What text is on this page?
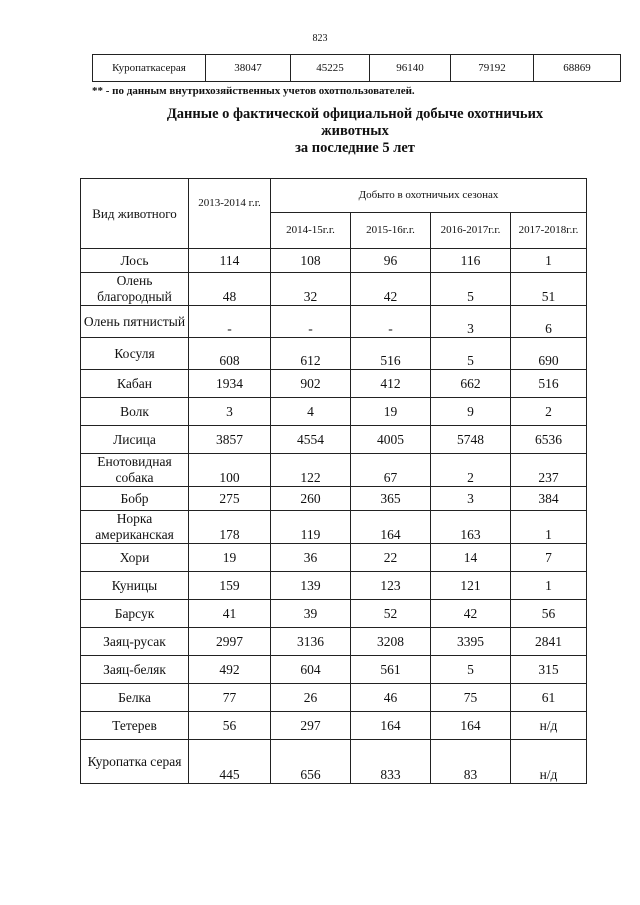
823
Куропаткасерая	38047	45225	96140	79192	68869
** - по данным внутрихозяйственных учетов охотпользователей.
Данные о фактической официальной добыче охотничьих
животных
за последние 5 лет
Вид животного	2013-2014 г.г.	Добыто в охотничьих сезонах			
		2014-15г.г.	2015-16г.г.	2016-2017г.г.	2017-2018г.г.
Лось	114	108	96	116	1
Олень благородный	48	32	42	5	51
Олень пятнистый	-	-	-	3	6
Косуля	608	612	516	5	690
Кабан	1934	902	412	662	516
Волк	3	4	19	9	2
Лисица	3857	4554	4005	5748	6536
Енотовидная собака	100	122	67	2	237
Бобр	275	260	365	3	384
Норка американская	178	119	164	163	1
Хори	19	36	22	14	7
Куницы	159	139	123	121	1
Барсук	41	39	52	42	56
Заяц-русак	2997	3136	3208	3395	2841
Заяц-беляк	492	604	561	5	315
Белка	77	26	46	75	61
Тетерев	56	297	164	164	н/д
Куропатка серая	445	656	833	83	н/д
